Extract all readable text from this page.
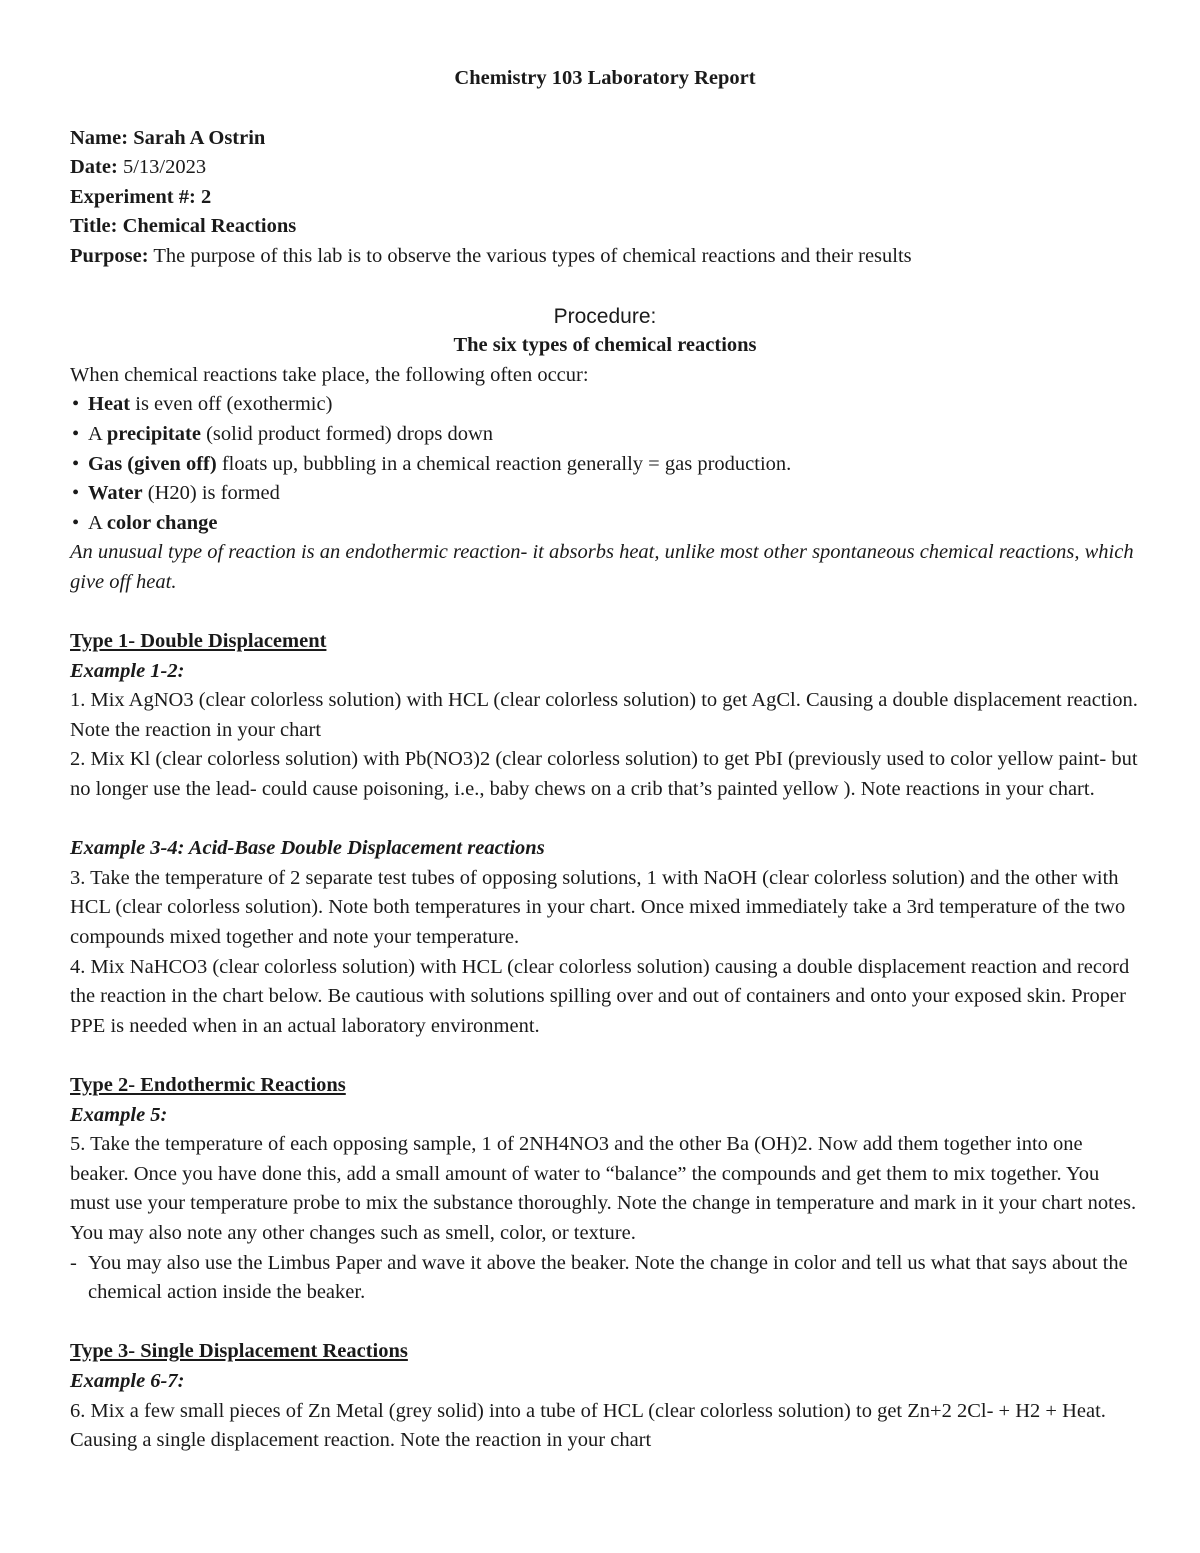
Chemistry 103 Laboratory Report
Name: Sarah A Ostrin
Date: 5/13/2023
Experiment #: 2
Title: Chemical Reactions
Purpose: The purpose of this lab is to observe the various types of chemical reactions and their results
Procedure:
The six types of chemical reactions

When chemical reactions take place, the following often occur:

• Heat is even off (exothermic)
• A precipitate (solid product formed) drops down
• Gas (given off) floats up, bubbling in a chemical reaction generally = gas production.
• Water (H20) is formed
• A color change

An unusual type of reaction is an endothermic reaction- it absorbs heat, unlike most other spontaneous chemical reactions, which give off heat.

Type 1- Double Displacement
Example 1-2:

1. Mix AgNO3 (clear colorless solution) with HCL (clear colorless solution) to get AgCl. Causing a double displacement reaction. Note the reaction in your chart

2. Mix Kl (clear colorless solution) with Pb(NO3)2 (clear colorless solution) to get PbI (previously used to color yellow paint- but no longer use the lead- could cause poisoning, i.e., baby chews on a crib that’s painted yellow ). Note reactions in your chart.

Example 3-4: Acid-Base Double Displacement reactions

3. Take the temperature of 2 separate test tubes of opposing solutions, 1 with NaOH (clear colorless solution) and the other with HCL (clear colorless solution). Note both temperatures in your chart. Once mixed immediately take a 3rd temperature of the two compounds mixed together and note your temperature.

4. Mix NaHCO3 (clear colorless solution) with HCL (clear colorless solution) causing a double displacement reaction and record the reaction in the chart below. Be cautious with solutions spilling over and out of containers and onto your exposed skin. Proper PPE is needed when in an actual laboratory environment.

Type 2- Endothermic Reactions
Example 5:

5. Take the temperature of each opposing sample, 1 of 2NH4NO3 and the other Ba (OH)2. Now add them together into one beaker. Once you have done this, add a small amount of water to “balance” the compounds and get them to mix together. You must use your temperature probe to mix the substance thoroughly. Note the change in temperature and mark in it your chart notes. You may also note any other changes such as smell, color, or texture.

- You may also use the Limbus Paper and wave it above the beaker. Note the change in color and tell us what that says about the chemical action inside the beaker.
Type 3- Single Displacement Reactions
Example 6-7:

6. Mix a few small pieces of Zn Metal (grey solid) into a tube of HCL (clear colorless solution) to get Zn+2 2Cl- + H2 + Heat. Causing a single displacement reaction. Note the reaction in your chart
